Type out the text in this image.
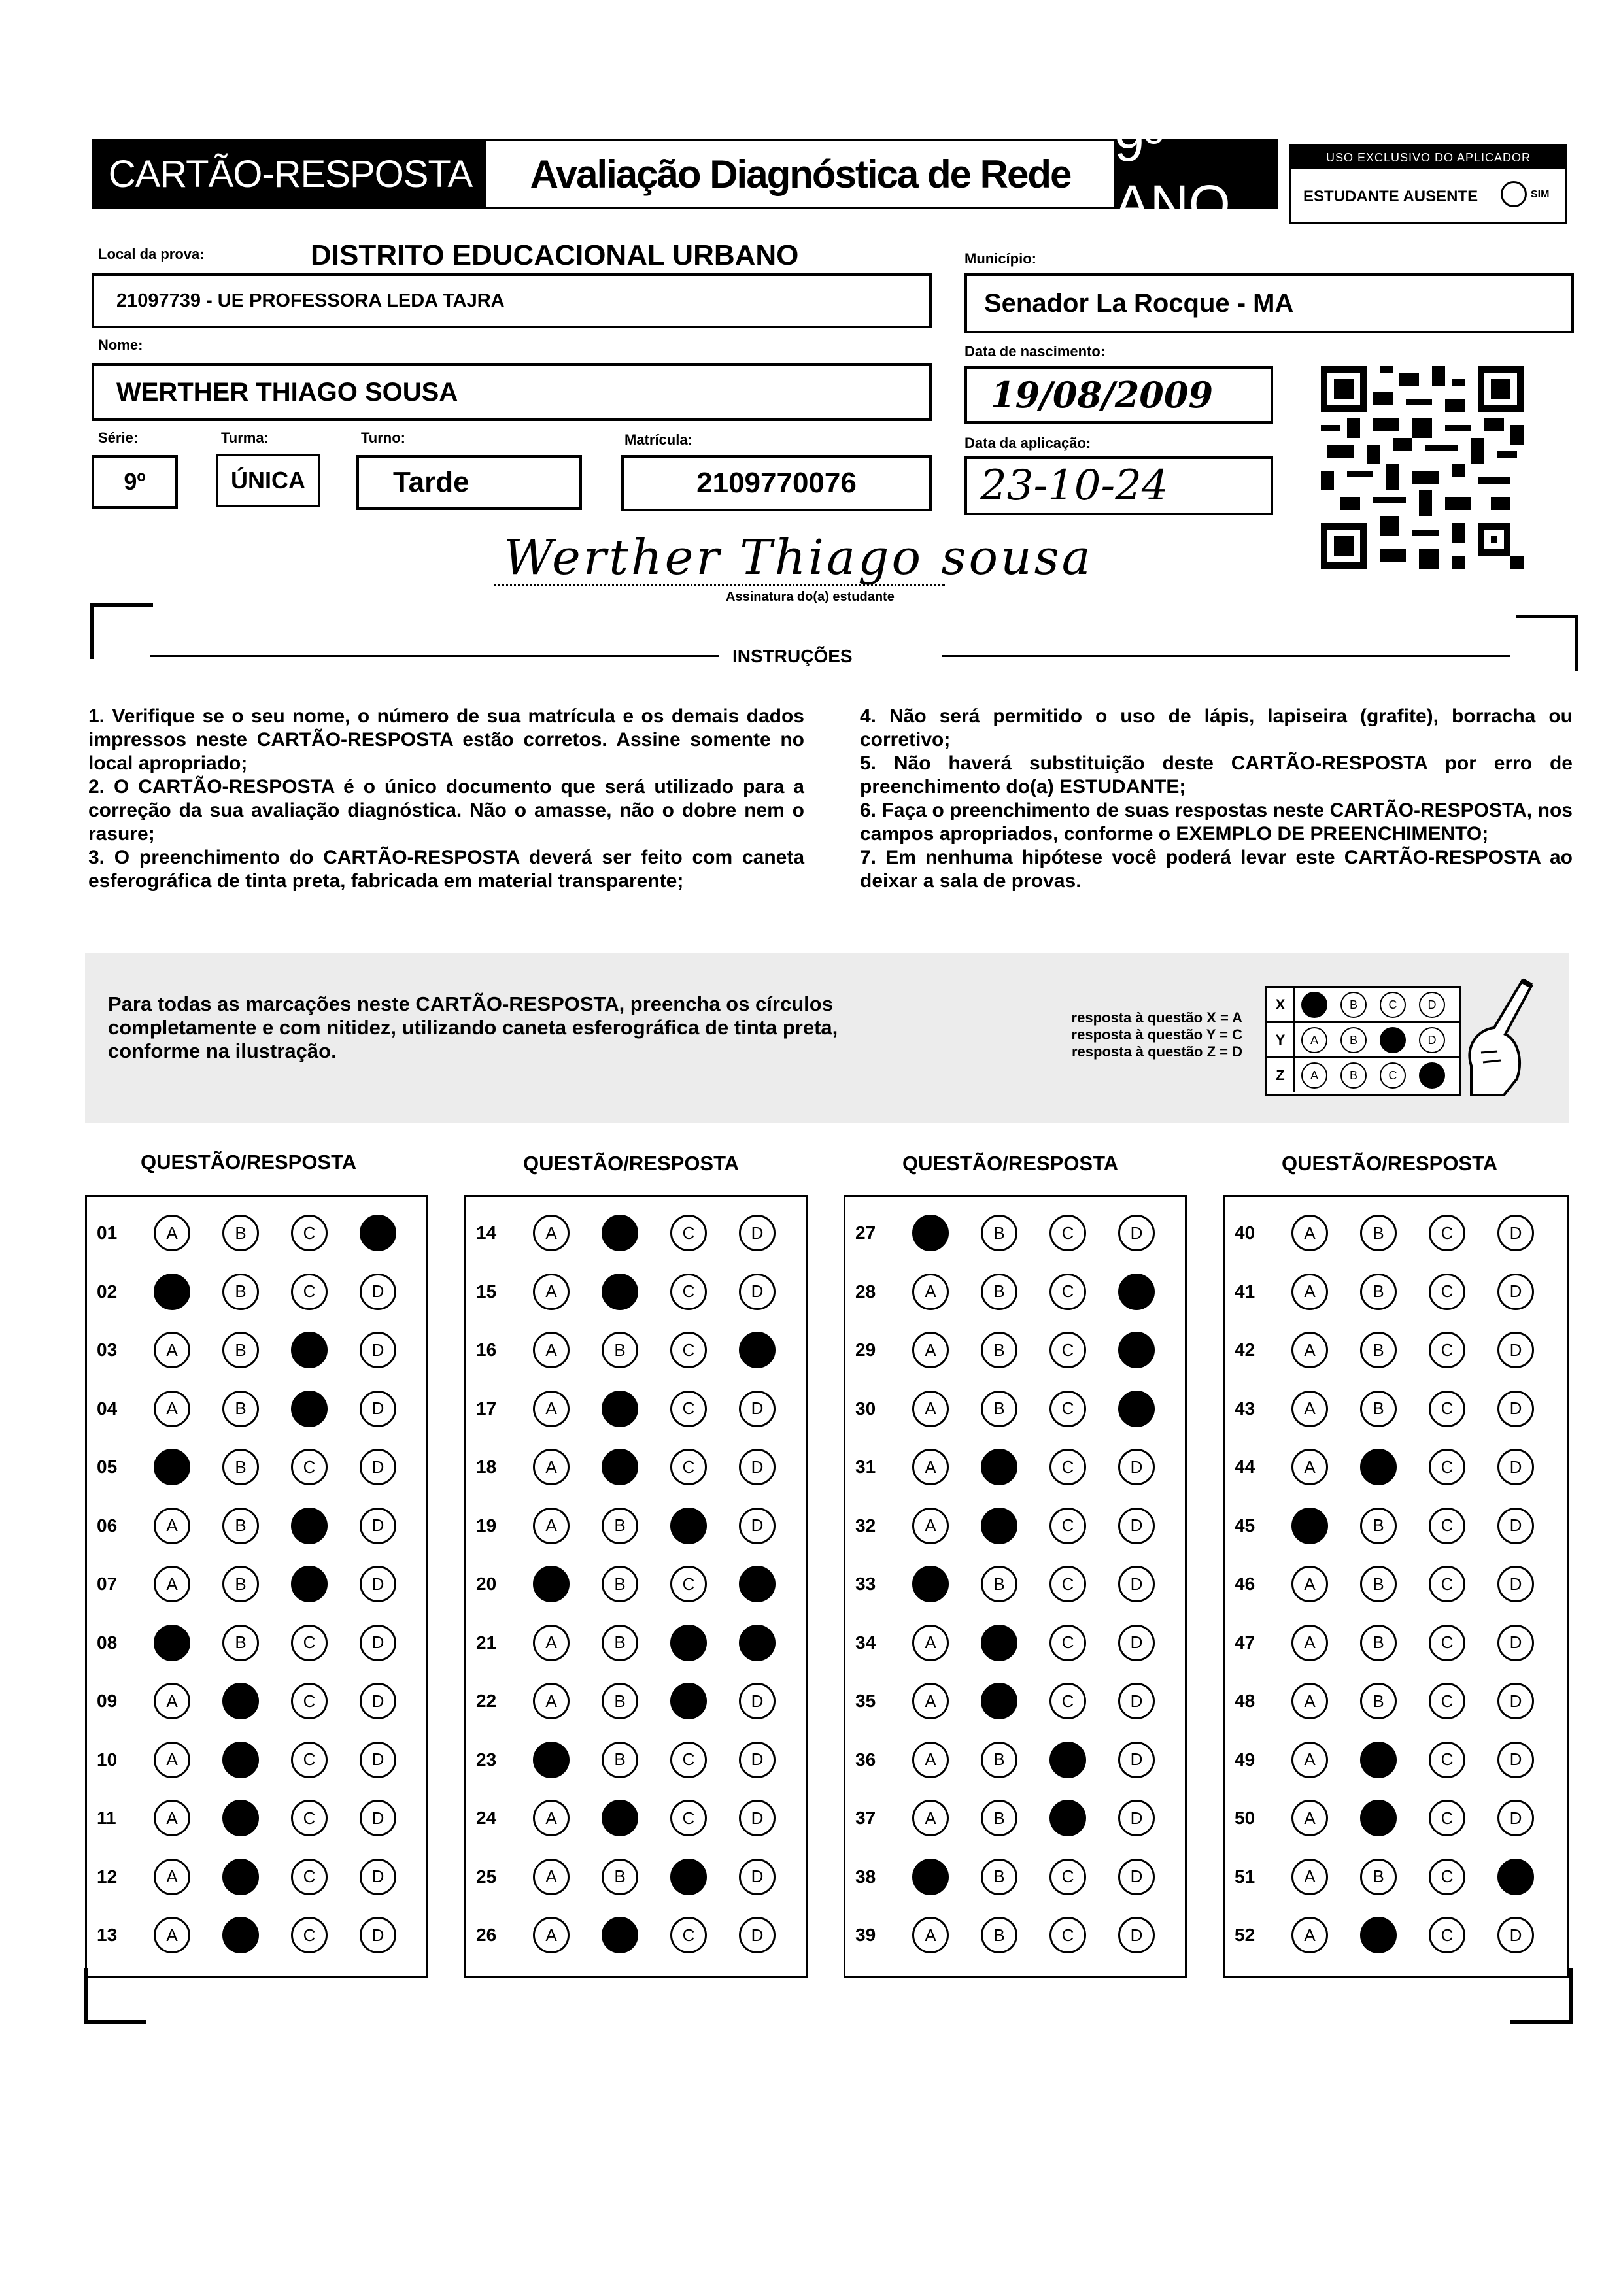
CARTÃO-RESPOSTA	Avaliação Diagnóstica de Rede
9º ANO
USO EXCLUSIVO DO APLICADOR
ESTUDANTE AUSENTE	SIM
Local da prova:	DISTRITO EDUCACIONAL URBANO	Município:
21097739 - UE PROFESSORA LEDA TAJRA	Senador La Rocque - MA
Nome:	Data de nascimento:
WERTHER THIAGO SOUSA	19/08/2009
Série:	Turma:	Turno:	Matrícula:	Data da aplicação:
9º	ÚNICA	Tarde	2109770076	23-10-24
Werther Thiago sousa
Assinatura do(a) estudante
INSTRUÇÕES
1. Verifique se o seu nome, o número de sua matrícula e os demais dados impressos neste CARTÃO-RESPOSTA estão corretos. Assine somente no local apropriado;
2. O CARTÃO-RESPOSTA é o único documento que será utilizado para a correção da sua avaliação diagnóstica. Não o amasse, não o dobre nem o rasure;
3. O preenchimento do CARTÃO-RESPOSTA deverá ser feito com caneta esferográfica de tinta preta, fabricada em material transparente;
4. Não será permitido o uso de lápis, lapiseira (grafite), borracha ou corretivo;
5. Não haverá substituição deste CARTÃO-RESPOSTA por erro de preenchimento do(a) ESTUDANTE;
6. Faça o preenchimento de suas respostas neste CARTÃO-RESPOSTA, nos campos apropriados, conforme o EXEMPLO DE PREENCHIMENTO;
7. Em nenhuma hipótese você poderá levar este CARTÃO-RESPOSTA ao deixar a sala de provas.
Para todas as marcações neste CARTÃO-RESPOSTA, preencha os círculos completamente e com nitidez, utilizando caneta esferográfica de tinta preta, conforme na ilustração.
resposta à questão X = A
resposta à questão Y = C
resposta à questão Z = D
X	A	B	C	D
Y	A	B	C	D
Z	A	B	C	D
QUESTÃO/RESPOSTA	QUESTÃO/RESPOSTA	QUESTÃO/RESPOSTA	QUESTÃO/RESPOSTA
01	A	B	C	D
02	A	B	C	D
03	A	B	C	D
04	A	B	C	D
05	A	B	C	D
06	A	B	C	D
07	A	B	C	D
08	A	B	C	D
09	A	B	C	D
10	A	B	C	D
11	A	B	C	D
12	A	B	C	D
13	A	B	C	D
14	A	B	C	D
15	A	B	C	D
16	A	B	C	D
17	A	B	C	D
18	A	B	C	D
19	A	B	C	D
20	A	B	C	D
21	A	B	C	D
22	A	B	C	D
23	A	B	C	D
24	A	B	C	D
25	A	B	C	D
26	A	B	C	D
27	A	B	C	D
28	A	B	C	D
29	A	B	C	D
30	A	B	C	D
31	A	B	C	D
32	A	B	C	D
33	A	B	C	D
34	A	B	C	D
35	A	B	C	D
36	A	B	C	D
37	A	B	C	D
38	A	B	C	D
39	A	B	C	D
40	A	B	C	D
41	A	B	C	D
42	A	B	C	D
43	A	B	C	D
44	A	B	C	D
45	A	B	C	D
46	A	B	C	D
47	A	B	C	D
48	A	B	C	D
49	A	B	C	D
50	A	B	C	D
51	A	B	C	D
52	A	B	C	D
